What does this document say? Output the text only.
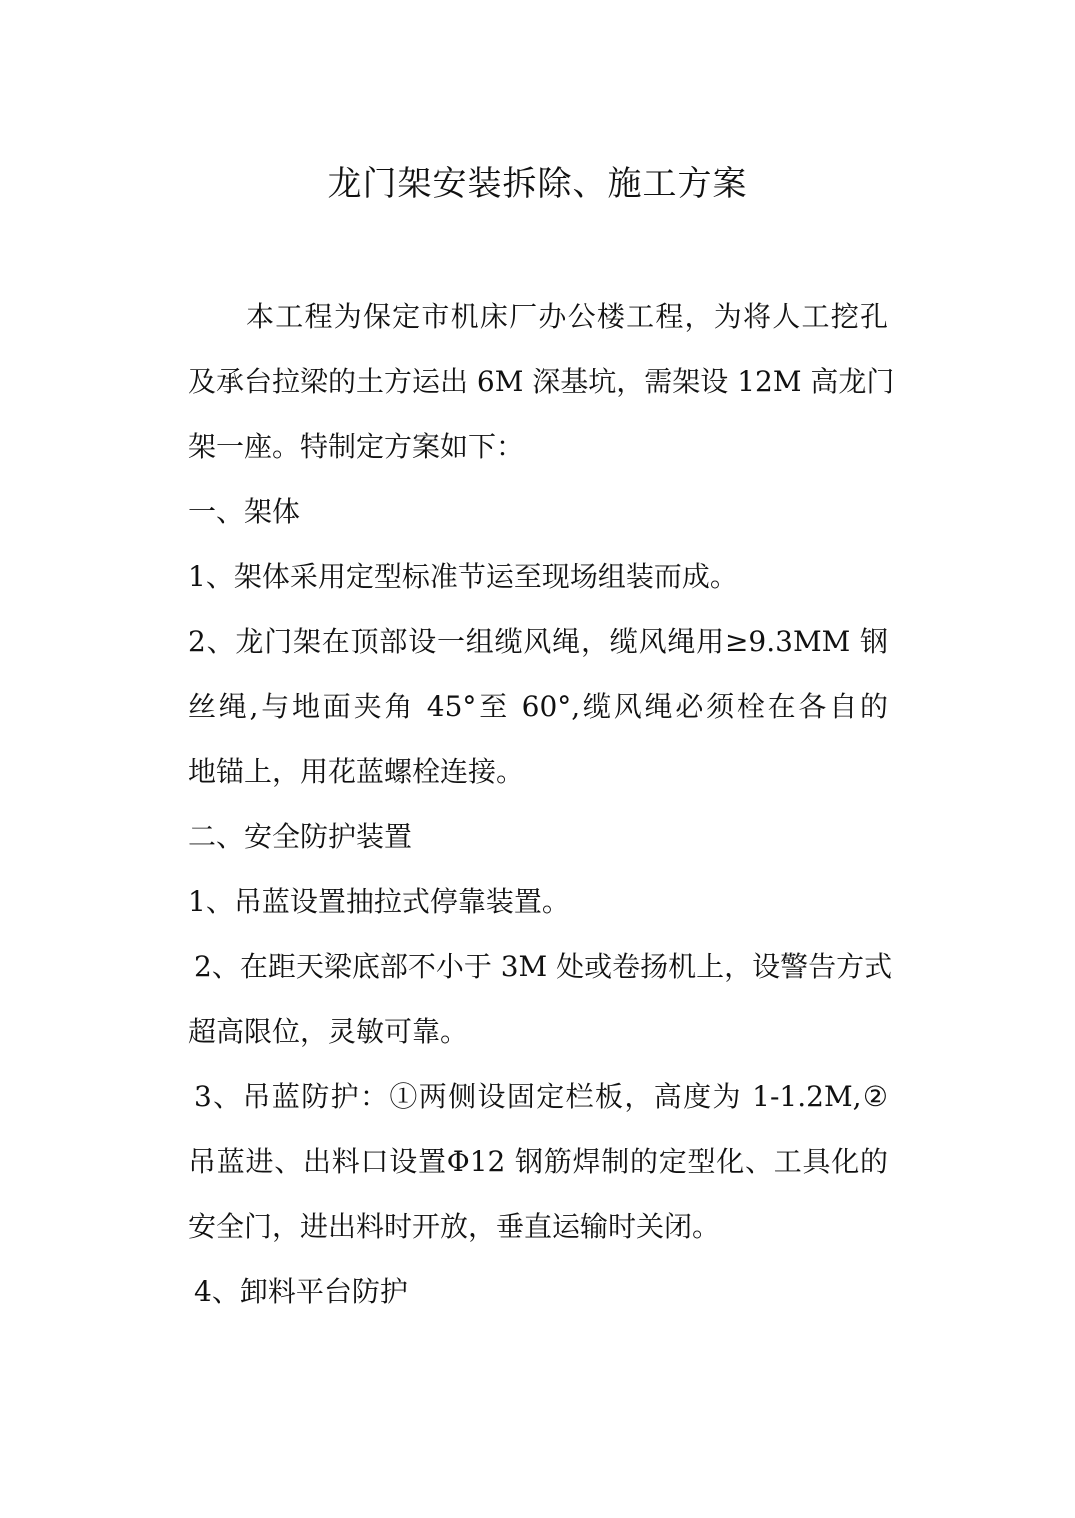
龙门架安装拆除、施工方案
本工程为保定市机床厂办公楼工程，为将人工挖孔
及承台拉梁的土方运出 6M 深基坑，需架设 12M 高龙门
架一座。特制定方案如下：
一、架体
1、架体采用定型标准节运至现场组装而成。
2、龙门架在顶部设一组缆风绳，缆风绳用≥9.3MM 钢
丝绳,与地面夹角 45°至 60°,缆风绳必须栓在各自的
地锚上，用花蓝螺栓连接。
二、安全防护装置
1、吊蓝设置抽拉式停靠装置。
2、在距天梁底部不小于 3M 处或卷扬机上，设警告方式
超高限位，灵敏可靠。
3、吊蓝防护：①两侧设固定栏板，高度为 1-1.2M,②
吊蓝进、出料口设置Φ12 钢筋焊制的定型化、工具化的
安全门，进出料时开放，垂直运输时关闭。
4、卸料平台防护
